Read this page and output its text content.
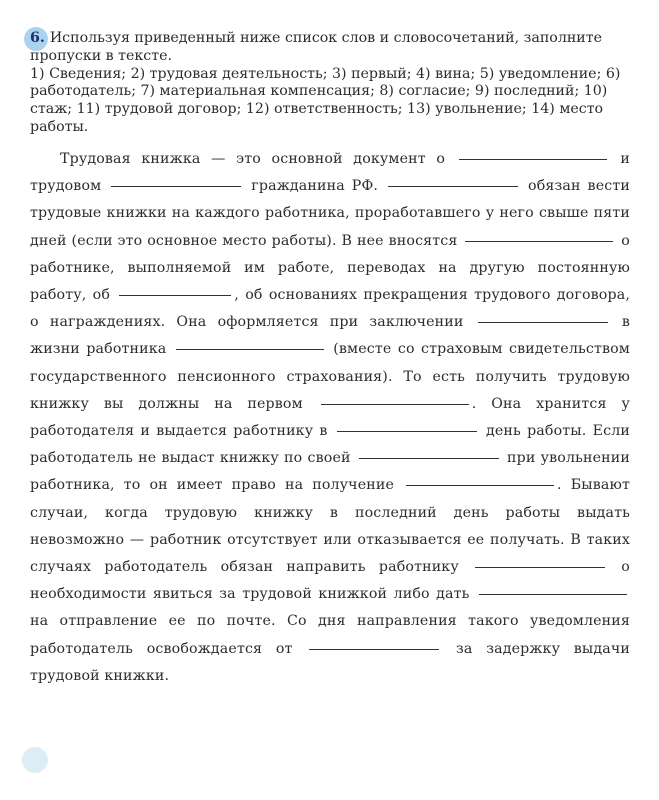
6. Используя приведенный ниже список слов и словосочетаний, заполните пропуски в тексте.
1) Сведения; 2) трудовая деятельность; 3) первый; 4) вина; 5) уведомление; 6) работодатель; 7) материальная компенсация; 8) согласие; 9) последний; 10) стаж; 11) трудовой договор; 12) ответственность; 13) увольнение; 14) место работы.
Трудовая книжка — это основной документ о	и трудовом	гражданина РФ.	обязан вести трудовые книжки на каждого работника, проработавшего у него свыше пяти дней (если это основное место работы). В нее вносятся	о работнике, выполняемой им работе, переводах на другую постоянную работу, об	, об основаниях прекращения трудового договора, о награждениях. Она оформляется при заключении	в жизни работника	(вместе со страховым свидетельством государственного пенсионного страхования). То есть получить трудовую книжку вы должны на первом	. Она хранится у работодателя и выдается работнику в	день работы. Если работодатель не выдаст книжку по своей	при увольнении работника, то он имеет право на получение	. Бывают случаи, когда трудовую книжку в последний день работы выдать невозможно — работник отсутствует или отказывается ее получать. В таких случаях работодатель обязан направить работнику	о необходимости явиться за трудовой книжкой либо дать  на отправление ее по почте. Со дня направления такого уведомления работодатель освобождается от	за задержку выдачи трудовой книжки.
